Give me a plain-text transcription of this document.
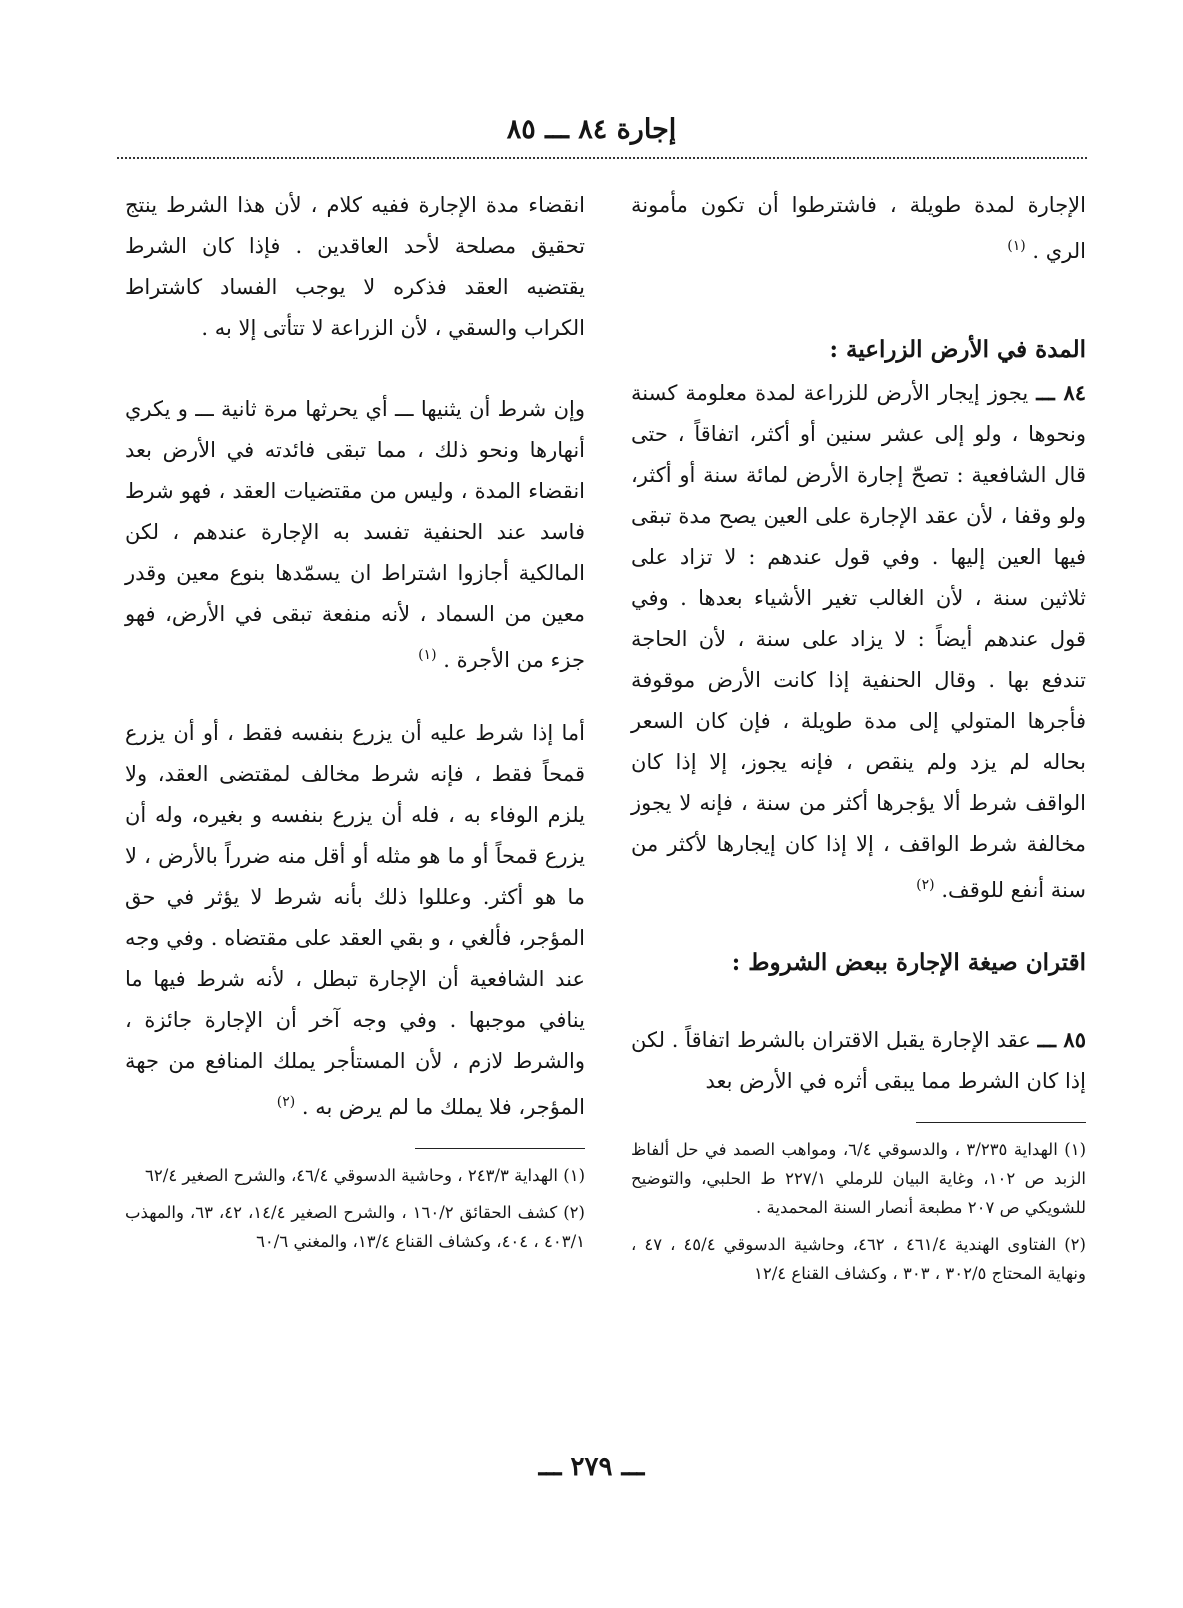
إجارة ٨٤ ـــ ٨٥

الإجارة لمدة طويلة ، فاشترطوا أن تكون مأمونة الري . $^{(١)}$

المدة في الأرض الزراعية :

٨٤ ـــ يجوز إيجار الأرض للزراعة لمدة معلومة كسنة ونحوها ، ولو إلى عشر سنين أو أكثر، اتفاقاً ، حتى قال الشافعية : تصحّ إجارة الأرض لمائة سنة أو أكثر، ولو وقفا ، لأن عقد الإجارة على العين يصح مدة تبقى فيها العين إليها . وفي قول عندهم : لا تزاد على ثلاثين سنة ، لأن الغالب تغير الأشياء بعدها . وفي قول عندهم أيضاً : لا يزاد على سنة ، لأن الحاجة تندفع بها . وقال الحنفية إذا كانت الأرض موقوفة فأجرها المتولي إلى مدة طويلة ، فإن كان السعر بحاله لم يزد ولم ينقص ، فإنه يجوز، إلا إذا كان الواقف شرط ألا يؤجرها أكثر من سنة ، فإنه لا يجوز مخالفة شرط الواقف ، إلا إذا كان إيجارها لأكثر من سنة أنفع للوقف. $^{(٢)}$

اقتران صيغة الإجارة ببعض الشروط :

٨٥ ـــ عقد الإجارة يقبل الاقتران بالشرط اتفاقاً . لكن إذا كان الشرط مما يبقى أثره في الأرض بعد

(١) الهداية ٣/٢٣٥ ، والدسوقي ٦/٤، ومواهب الصمد في حل ألفاظ الزبد ص ١٠٢، وغاية البيان للرملي ٢٢٧/١ ط الحلبي، والتوضيح للشويكي ص ٢٠٧ مطبعة أنصار السنة المحمدية .

(٢) الفتاوى الهندية ٤٦١/٤ ، ٤٦٢، وحاشية الدسوقي ٤٥/٤ ، ٤٧ ، ونهاية المحتاج ٣٠٢/٥ ، ٣٠٣ ، وكشاف القناع ١٢/٤

انقضاء مدة الإجارة ففيه كلام ، لأن هذا الشرط ينتج تحقيق مصلحة لأحد العاقدين . فإذا كان الشرط يقتضيه العقد فذكره لا يوجب الفساد كاشتراط الكراب والسقي ، لأن الزراعة لا تتأتى إلا به .

وإن شرط أن يثنيها ـــ أي يحرثها مرة ثانية ـــ و يكري أنهارها ونحو ذلك ، مما تبقى فائدته في الأرض بعد انقضاء المدة ، وليس من مقتضيات العقد ، فهو شرط فاسد عند الحنفية تفسد به الإجارة عندهم ، لكن المالكية أجازوا اشتراط ان يسمّدها بنوع معين وقدر معين من السماد ، لأنه منفعة تبقى في الأرض، فهو جزء من الأجرة . $^{(١)}$

أما إذا شرط عليه أن يزرع بنفسه فقط ، أو أن يزرع قمحاً فقط ، فإنه شرط مخالف لمقتضى العقد، ولا يلزم الوفاء به ، فله أن يزرع بنفسه و بغيره، وله أن يزرع قمحاً أو ما هو مثله أو أقل منه ضرراً بالأرض ، لا ما هو أكثر. وعللوا ذلك بأنه شرط لا يؤثر في حق المؤجر، فألغي ، و بقي العقد على مقتضاه . وفي وجه عند الشافعية أن الإجارة تبطل ، لأنه شرط فيها ما ينافي موجبها . وفي وجه آخر أن الإجارة جائزة ، والشرط لازم ، لأن المستأجر يملك المنافع من جهة المؤجر، فلا يملك ما لم يرض به . $^{(٢)}$

(١) الهداية ٢٤٣/٣ ، وحاشية الدسوقي ٤٦/٤، والشرح الصغير ٦٢/٤

(٢) كشف الحقائق ١٦٠/٢ ، والشرح الصغير ١٤/٤، ٤٢، ٦٣، والمهذب ٤٠٣/١ ، ٤٠٤، وكشاف القناع ١٣/٤، والمغني ٦٠/٦

ـــ ٢٧٩ ـــ
